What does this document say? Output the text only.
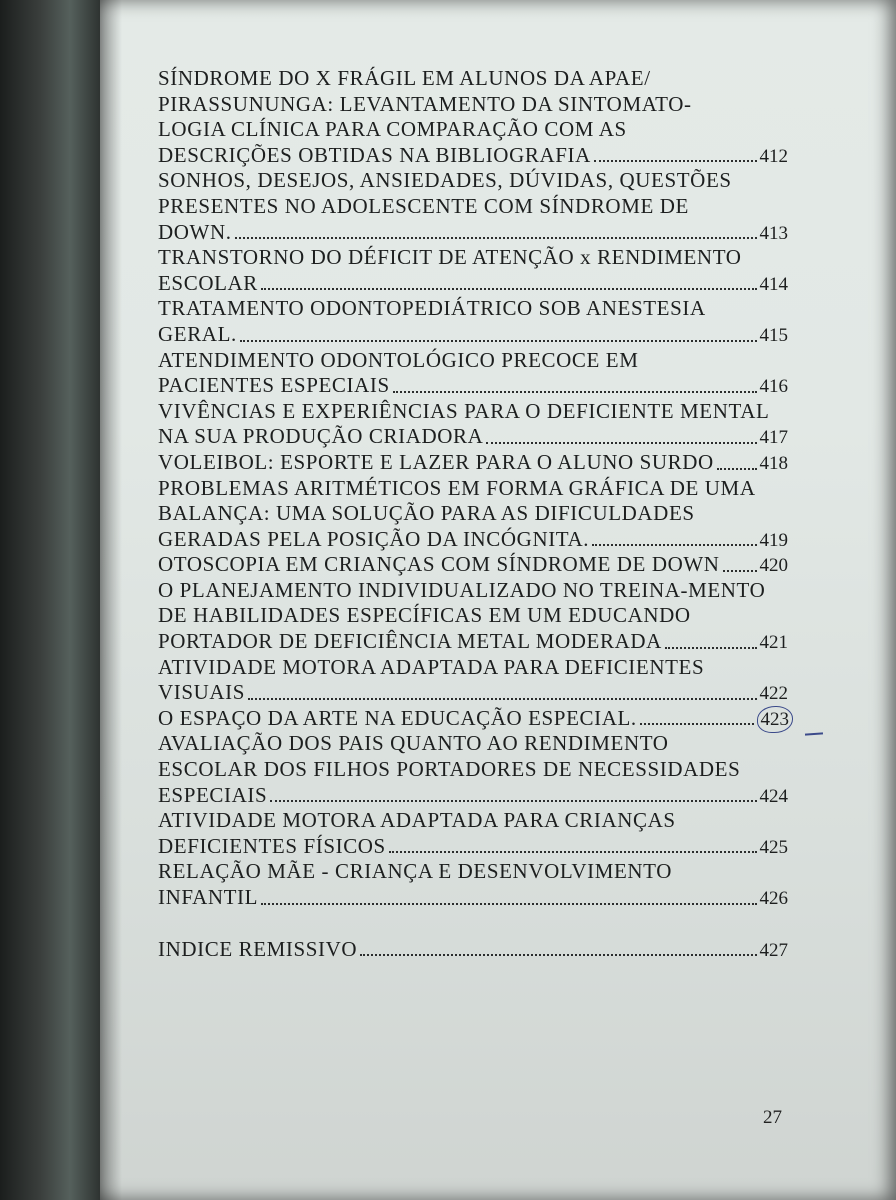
SÍNDROME DO X FRÁGIL EM ALUNOS DA APAE/
PIRASSUNUNGA: LEVANTAMENTO DA SINTOMATO-
LOGIA CLÍNICA PARA COMPARAÇÃO COM AS
DESCRIÇÕES OBTIDAS NA BIBLIOGRAFIA	412
SONHOS, DESEJOS, ANSIEDADES, DÚVIDAS, QUESTÕES
PRESENTES NO ADOLESCENTE COM SÍNDROME DE
DOWN.	413
TRANSTORNO DO DÉFICIT DE ATENÇÃO x RENDIMENTO
ESCOLAR	414
TRATAMENTO ODONTOPEDIÁTRICO SOB ANESTESIA
GERAL.	415
ATENDIMENTO ODONTOLÓGICO PRECOCE EM
PACIENTES ESPECIAIS	416
VIVÊNCIAS E EXPERIÊNCIAS PARA O DEFICIENTE MENTAL
NA SUA PRODUÇÃO CRIADORA	417
VOLEIBOL: ESPORTE E LAZER PARA O ALUNO SURDO 418
PROBLEMAS ARITMÉTICOS EM FORMA GRÁFICA DE UMA
BALANÇA: UMA SOLUÇÃO PARA AS DIFICULDADES
GERADAS PELA POSIÇÃO DA INCÓGNITA.	419
OTOSCOPIA EM CRIANÇAS COM SÍNDROME DE DOWN 420
O PLANEJAMENTO INDIVIDUALIZADO NO TREINA-MENTO
DE HABILIDADES ESPECÍFICAS EM UM EDUCANDO
PORTADOR DE DEFICIÊNCIA METAL MODERADA	421
ATIVIDADE MOTORA ADAPTADA PARA DEFICIENTES
VISUAIS	422
O ESPAÇO DA ARTE NA EDUCAÇÃO ESPECIAL.	423
AVALIAÇÃO DOS PAIS QUANTO AO RENDIMENTO
ESCOLAR DOS FILHOS PORTADORES DE NECESSIDADES
ESPECIAIS	424
ATIVIDADE MOTORA ADAPTADA PARA CRIANÇAS
DEFICIENTES FÍSICOS	425
RELAÇÃO MÃE - CRIANÇA E DESENVOLVIMENTO
INFANTIL	426
INDICE REMISSIVO	427
27
